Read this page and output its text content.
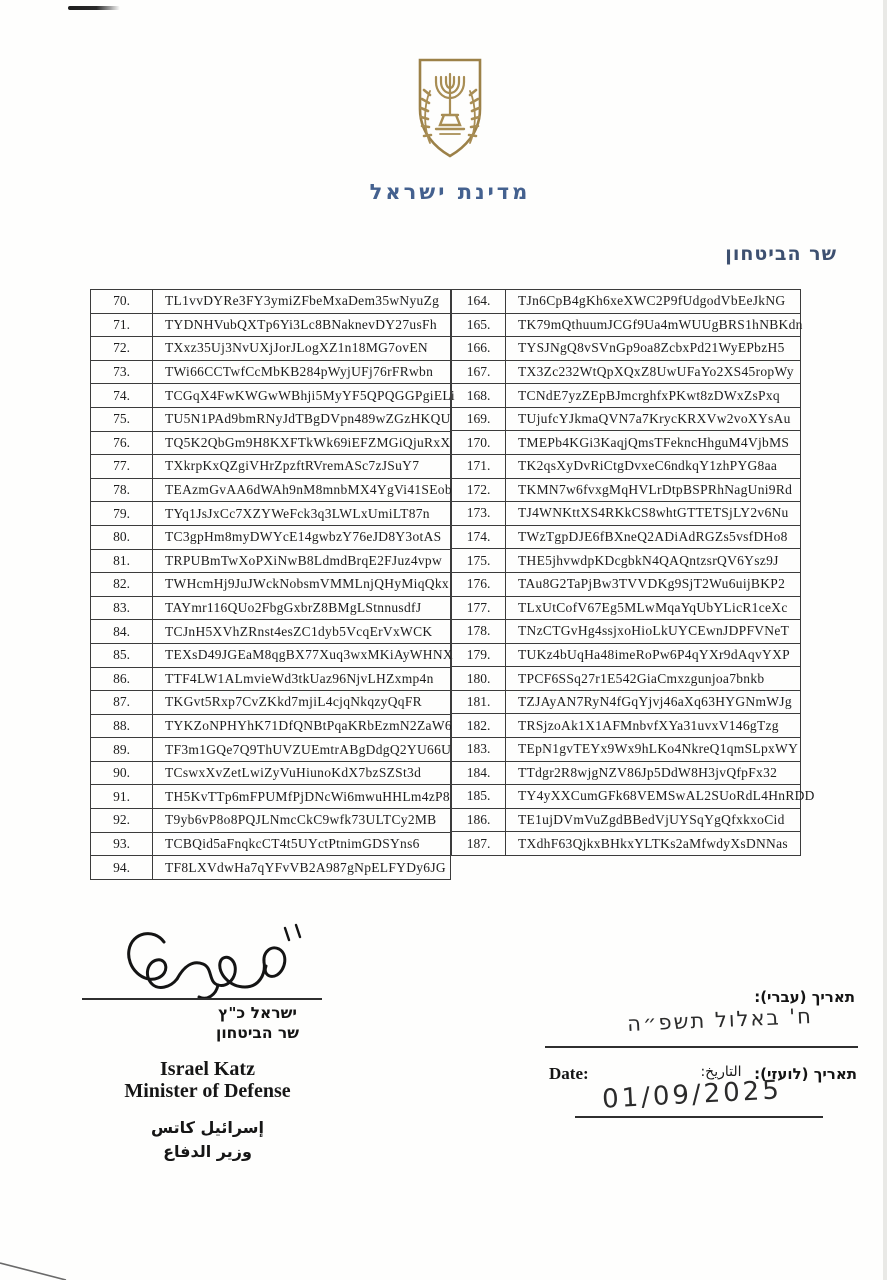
מדינת ישראל
שר הביטחון
70.	TL1vvDYRe3FY3ymiZFbeMxaDem35wNyuZg
71.	TYDNHVubQXTp6Yi3Lc8BNaknevDY27usFh
72.	TXxz35Uj3NvUXjJorJLogXZ1n18MG7ovEN
73.	TWi66CCTwfCcMbKB284pWyjUFj76rFRwbn
74.	TCGqX4FwKWGwWBhji5MyYF5QPQGGPgiELi
75.	TU5N1PAd9bmRNyJdTBgDVpn489wZGzHKQU
76.	TQ5K2QbGm9H8KXFTkWk69iEFZMGiQjuRxX
77.	TXkrpKxQZgiVHrZpzftRVremASc7zJSuY7
78.	TEAzmGvAA6dWAh9nM8mnbMX4YgVi41SEob
79.	TYq1JsJxCc7XZYWeFck3q3LWLxUmiLT87n
80.	TC3gpHm8myDWYcE14gwbzY76eJD8Y3otAS
81.	TRPUBmTwXoPXiNwB8LdmdBrqE2FJuz4vpw
82.	TWHcmHj9JuJWckNobsmVMMLnjQHyMiqQkx
83.	TAYmr116QUo2FbgGxbrZ8BMgLStnnusdfJ
84.	TCJnH5XVhZRnst4esZC1dyb5VcqErVxWCK
85.	TEXsD49JGEaM8qgBX77Xuq3wxMKiAyWHNX
86.	TTF4LW1ALmvieWd3tkUaz96NjvLHZxmp4n
87.	TKGvt5Rxp7CvZKkd7mjiL4cjqNkqzyQqFR
88.	TYKZoNPHYhK71DfQNBtPqaKRbEzmN2ZaW6
89.	TF3m1GQe7Q9ThUVZUEmtrABgDdgQ2YU66U
90.	TCswxXvZetLwiZyVuHiunoKdX7bzSZSt3d
91.	TH5KvTTp6mFPUMfPjDNcWi6mwuHHLm4zP8
92.	T9yb6vP8o8PQJLNmcCkC9wfk73ULTCy2MB
93.	TCBQid5aFnqkcCT4t5UYctPtnimGDSYns6
94.	TF8LXVdwHa7qYFvVB2A987gNpELFYDy6JG
164.	TJn6CpB4gKh6xeXWC2P9fUdgodVbEeJkNG
165.	TK79mQthuumJCGf9Ua4mWUUgBRS1hNBKdn
166.	TYSJNgQ8vSVnGp9oa8ZcbxPd21WyEPbzH5
167.	TX3Zc232WtQpXQxZ8UwUFaYo2XS45ropWy
168.	TCNdE7yzZEpBJmcrghfxPKwt8zDWxZsPxq
169.	TUjufcYJkmaQVN7a7KrycKRXVw2voXYsAu
170.	TMEPb4KGi3KaqjQmsTFekncHhguM4VjbMS
171.	TK2qsXyDvRiCtgDvxeC6ndkqY1zhPYG8aa
172.	TKMN7w6fvxgMqHVLrDtpBSPRhNagUni9Rd
173.	TJ4WNKttXS4RKkCS8whtGTTETSjLY2v6Nu
174.	TWzTgpDJE6fBXneQ2ADiAdRGZs5vsfDHo8
175.	THE5jhvwdpKDcgbkN4QAQntzsrQV6Ysz9J
176.	TAu8G2TaPjBw3TVVDKg9SjT2Wu6uijBKP2
177.	TLxUtCofV67Eg5MLwMqaYqUbYLicR1ceXc
178.	TNzCTGvHg4ssjxoHioLkUYCEwnJDPFVNeT
179.	TUKz4bUqHa48imeRoPw6P4qYXr9dAqvYXP
180.	TPCF6SSq27r1E542GiaCmxzgunjoa7bnkb
181.	TZJAyAN7RyN4fGqYjvj46aXq63HYGNmWJg
182.	TRSjzoAk1X1AFMnbvfXYa31uvxV146gTzg
183.	TEpN1gvTEYx9Wx9hLKo4NkreQ1qmSLpxWY
184.	TTdgr2R8wjgNZV86Jp5DdW8H3jvQfpFx32
185.	TY4yXXCumGFk68VEMSwAL2SUoRdL4HnRDD
186.	TE1ujDVmVuZgdBBedVjUYSqYgQfxkxoCid
187.	TXdhF63QjkxBHkxYLTKs2aMfwdyXsDNNas
ישראל כ"ץ
שר הביטחון
Israel Katz
Minister of Defense
إسرائيل كاتس
وزير الدفاع
תאריך (עברי):
ח' באלול תשפ״ה
Date:	التاريخ: תאריך (לועזי):
01/09/2025
